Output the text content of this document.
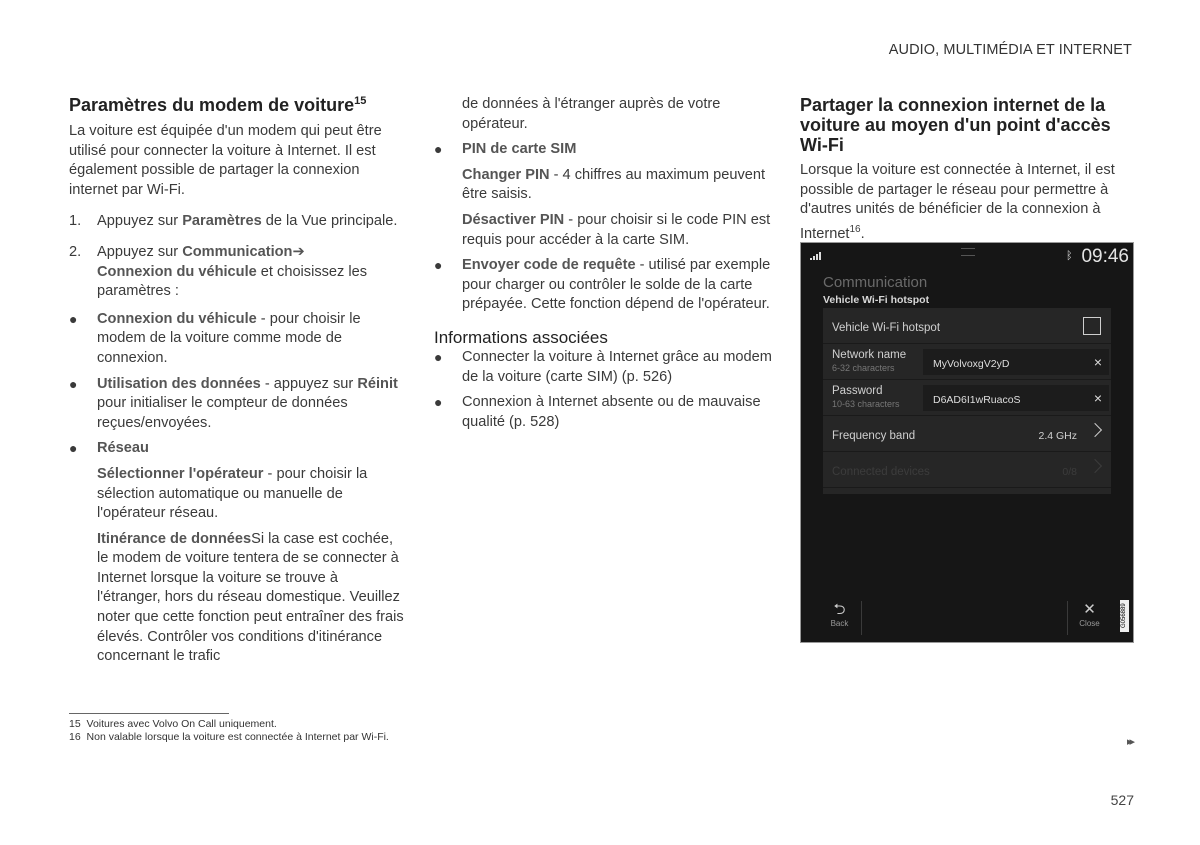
AUDIO, MULTIMÉDIA ET INTERNET
Paramètres du modem de voiture$^{15}$

La voiture est équipée d'un modem qui peut être utilisé pour connecter la voiture à Internet. Il est également possible de partager la connexion internet par Wi-Fi.

1. Appuyez sur Paramètres de la Vue principale.
2. Appuyez sur Communication➔
Connexion du véhicule et choisissez les paramètres :
● Connexion du véhicule - pour choisir le modem de la voiture comme mode de connexion.
● Utilisation des données - appuyez sur Réinit pour initialiser le compteur de données reçues/envoyées.
● Réseau

Sélectionner l'opérateur - pour choisir la sélection automatique ou manuelle de l'opérateur réseau.

Itinérance de donnéesSi la case est cochée, le modem de voiture tentera de se connecter à Internet lorsque la voiture se trouve à l'étranger, hors du réseau domestique. Veuillez noter que cette fonction peut entraîner des frais élevés. Contrôler vos conditions d'itinérance concernant le trafic

de données à l'étranger auprès de votre opérateur.

● PIN de carte SIM

Changer PIN - 4 chiffres au maximum peuvent être saisis.

Désactiver PIN - pour choisir si le code PIN est requis pour accéder à la carte SIM.

● Envoyer code de requête - utilisé par exemple pour charger ou contrôler le solde de la carte prépayée. Cette fonction dépend de l'opérateur.
Informations associées
● Connecter la voiture à Internet grâce au modem de la voiture (carte SIM) (p. 526)
● Connexion à Internet absente ou de mauvaise qualité (p. 528)
Partager la connexion internet de la voiture au moyen d'un point d'accès Wi-Fi

Lorsque la voiture est connectée à Internet, il est possible de partager le réseau pour permettre à d'autres unités de bénéficier de la connexion à Internet$^{16}$.

ᛒ 09:46
Communication
Vehicle Wi-Fi hotspot
Vehicle Wi-Fi hotspot
Network name
6-32 characters	MyVolvoxgV2yD	×
Password
10-63 characters	D6AD6I1wRuacoS	×
Frequency band	2.4 GHz
Connected devices	0/8
⮌
Back
✕
Close	G056889
15 Voitures avec Volvo On Call uniquement.
16 Non valable lorsque la voiture est connectée à Internet par Wi-Fi.	▸▸
527
